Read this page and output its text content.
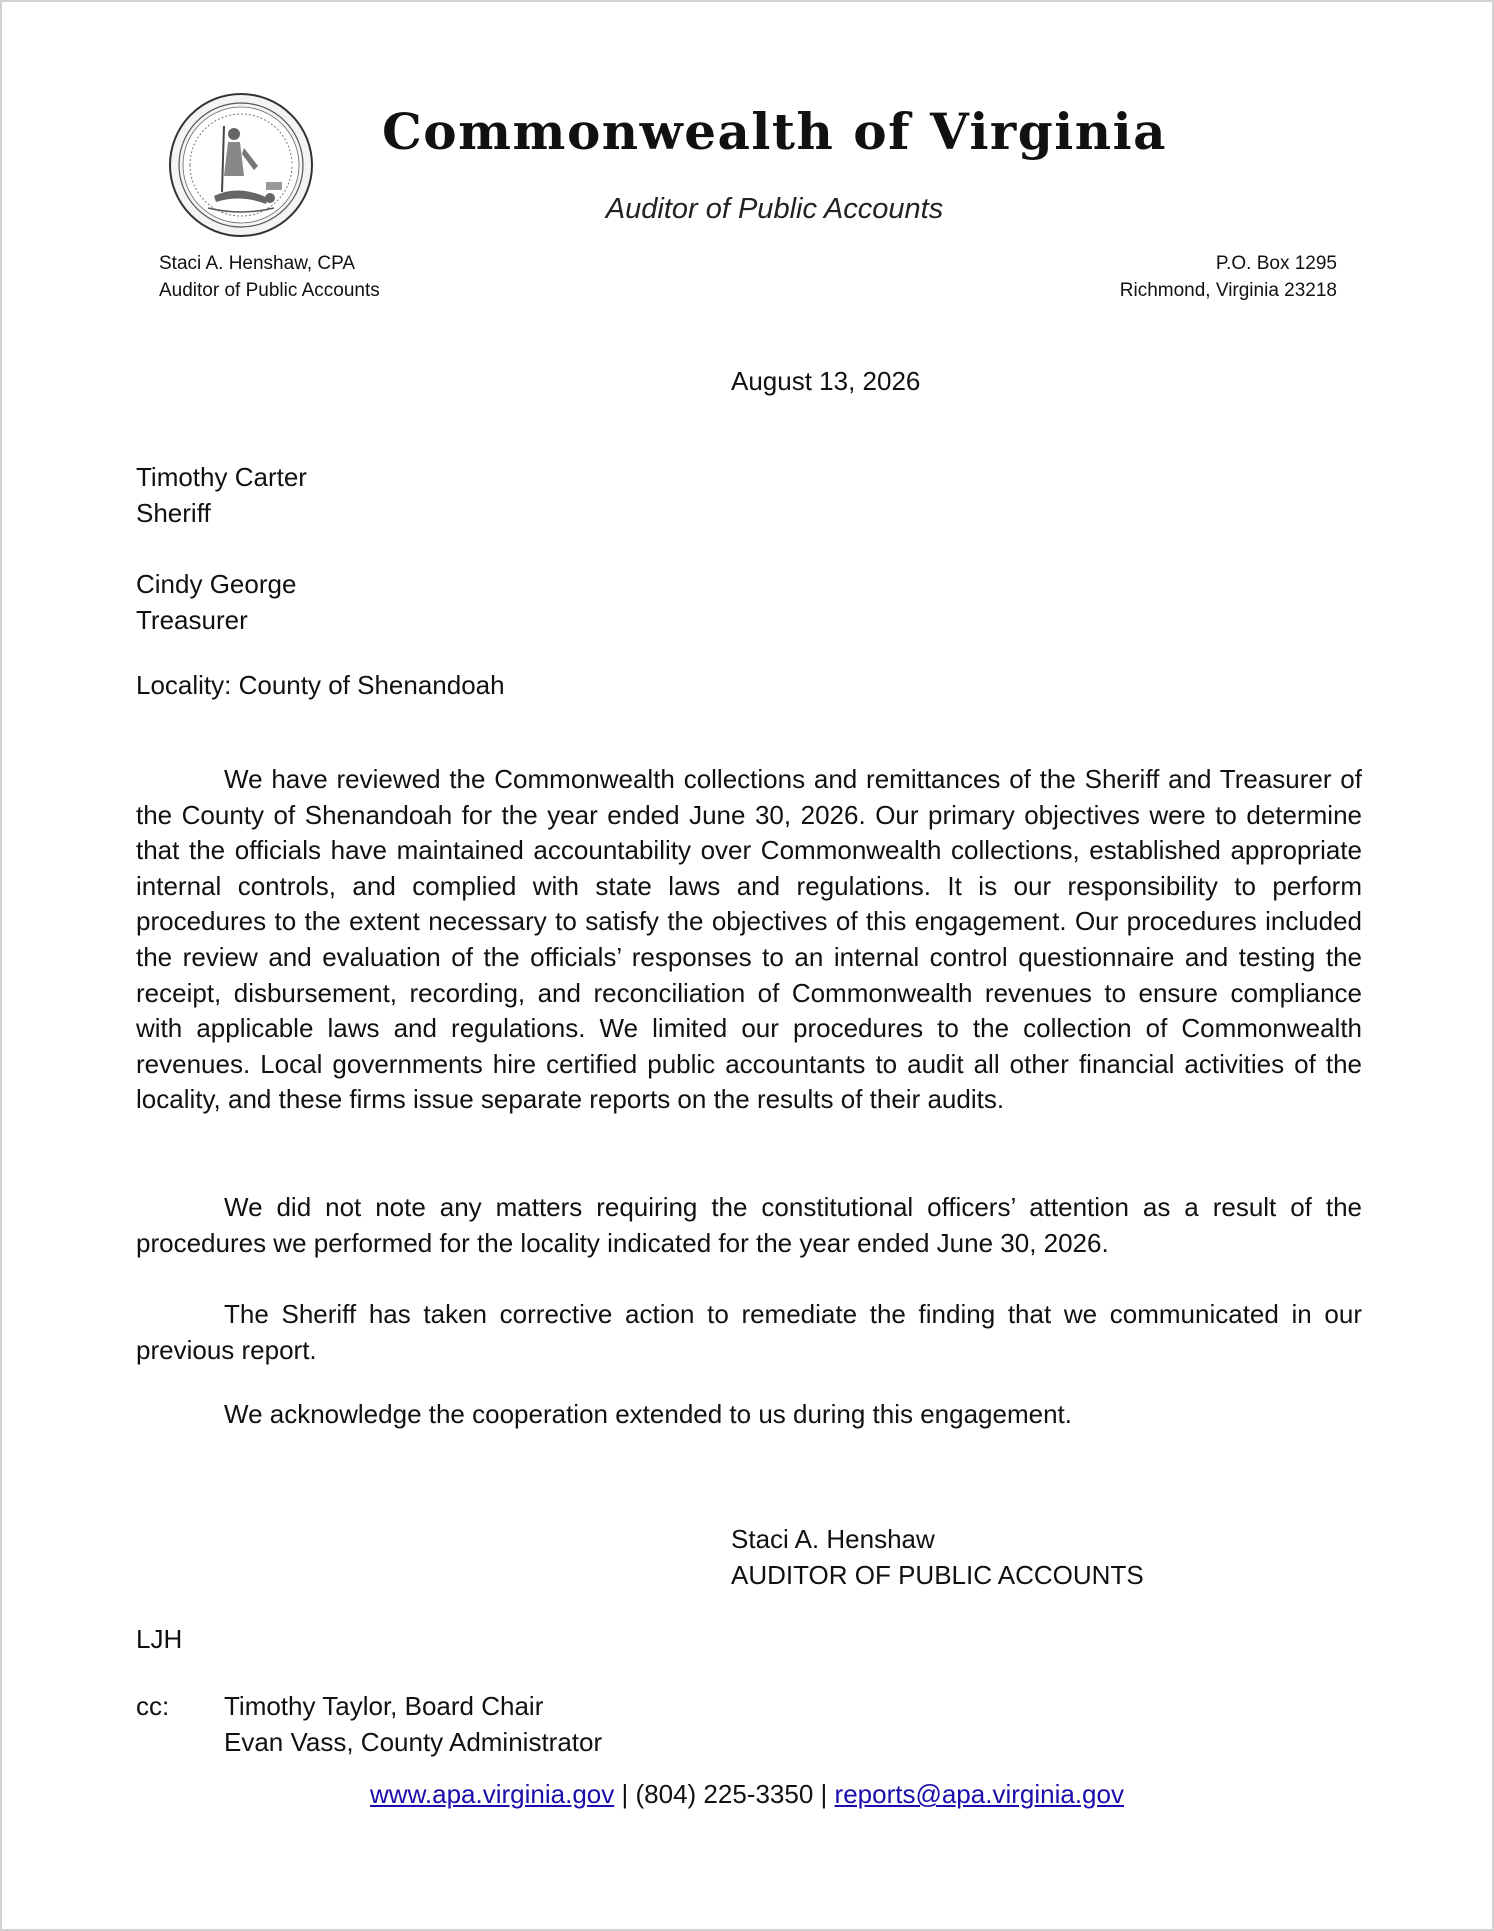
Commonwealth of Virginia
Auditor of Public Accounts
Staci A. Henshaw, CPA
Auditor of Public Accounts
P.O. Box 1295
Richmond, Virginia 23218
August 13, 2026
Timothy Carter
Sheriff
Cindy George
Treasurer
Locality: County of Shenandoah

We have reviewed the Commonwealth collections and remittances of the Sheriff and Treasurer of the County of Shenandoah for the year ended June 30, 2026. Our primary objectives were to determine that the officials have maintained accountability over Commonwealth collections, established appropriate internal controls, and complied with state laws and regulations. It is our responsibility to perform procedures to the extent necessary to satisfy the objectives of this engagement. Our procedures included the review and evaluation of the officials’ responses to an internal control questionnaire and testing the receipt, disbursement, recording, and reconciliation of Commonwealth revenues to ensure compliance with applicable laws and regulations. We limited our procedures to the collection of Commonwealth revenues. Local governments hire certified public accountants to audit all other financial activities of the locality, and these firms issue separate reports on the results of their audits.

We did not note any matters requiring the constitutional officers’ attention as a result of the procedures we performed for the locality indicated for the year ended June 30, 2026.

The Sheriff has taken corrective action to remediate the finding that we communicated in our previous report.

We acknowledge the cooperation extended to us during this engagement.

Staci A. Henshaw
AUDITOR OF PUBLIC ACCOUNTS
LJH
cc: Timothy Taylor, Board Chair
Evan Vass, County Administrator
www.apa.virginia.gov | (804) 225-3350 | reports@apa.virginia.gov
